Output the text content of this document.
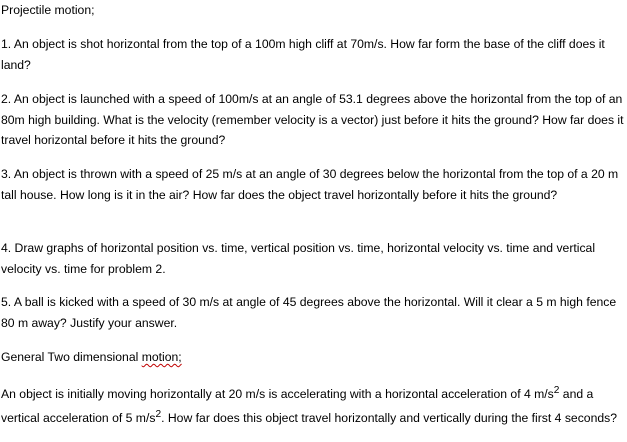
Projectile motion;

1. An object is shot horizontal from the top of a 100m high cliff at 70m/s. How far form the base of the cliff does it land?

2. An object is launched with a speed of 100m/s at an angle of 53.1 degrees above the horizontal from the top of an 80m high building. What is the velocity (remember velocity is a vector) just before it hits the ground? How far does it travel horizontal before it hits the ground?

3. An object is thrown with a speed of 25 m/s at an angle of 30 degrees below the horizontal from the top of a 20 m tall house. How long is it in the air? How far does the object travel horizontally before it hits the ground?

4. Draw graphs of horizontal position vs. time, vertical position vs. time, horizontal velocity vs. time and vertical velocity vs. time for problem 2.

5. A ball is kicked with a speed of 30 m/s at angle of 45 degrees above the horizontal. Will it clear a 5 m high fence 80 m away? Justify your answer.

General Two dimensional motion;

An object is initially moving horizontally at 20 m/s is accelerating with a horizontal acceleration of 4 $m/s^2$ and a vertical acceleration of 5 $m/s^2$. How far does this object travel horizontally and vertically during the first 4 seconds?
